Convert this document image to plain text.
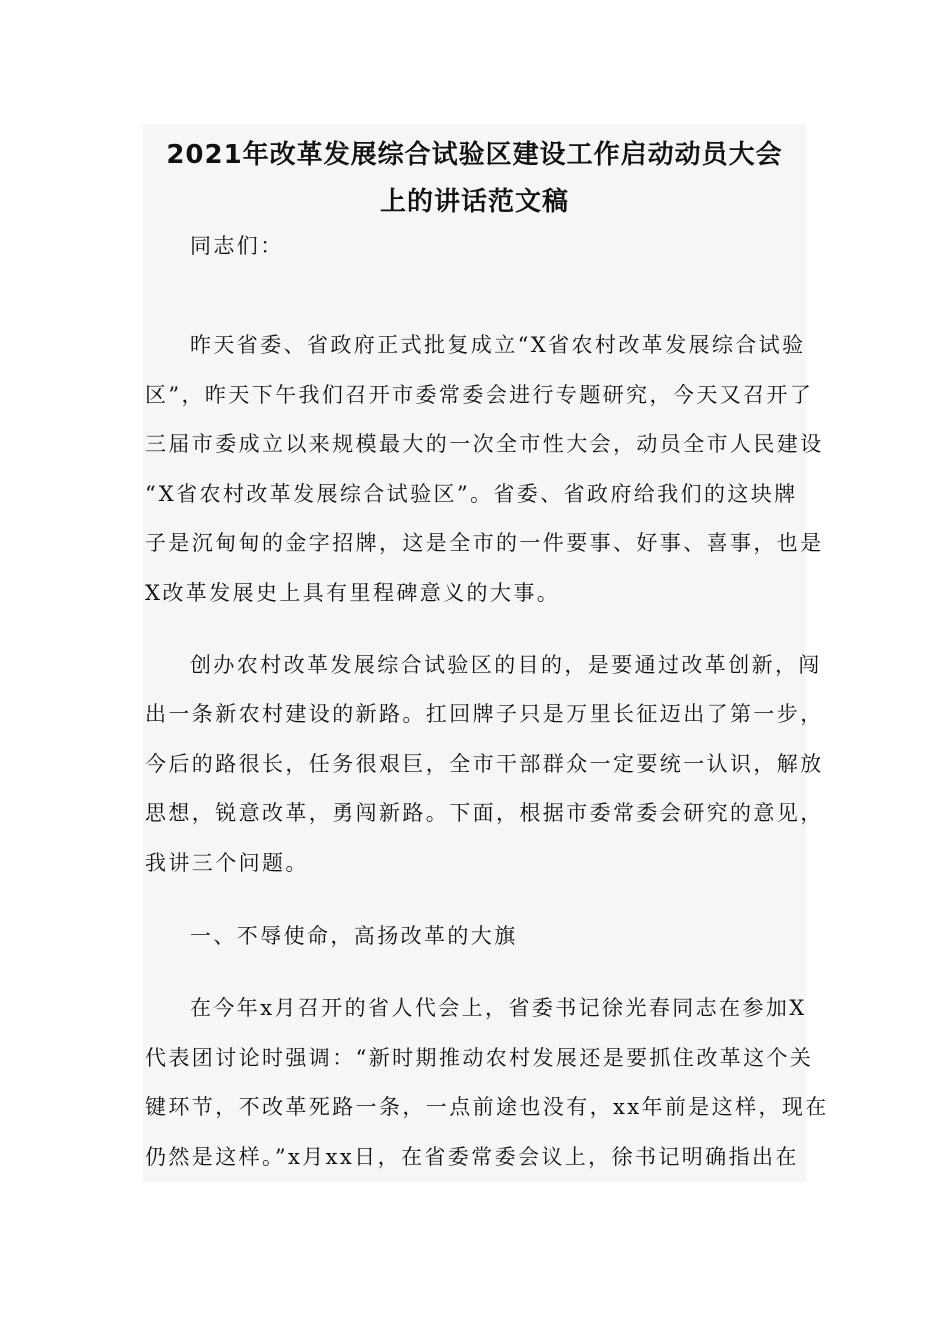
2021年改革发展综合试验区建设工作启动动员大会
上的讲话范文稿
同志们：
昨天省委、省政府正式批复成立“X省农村改革发展综合试验
区”，昨天下午我们召开市委常委会进行专题研究，今天又召开了
三届市委成立以来规模最大的一次全市性大会，动员全市人民建设
“X省农村改革发展综合试验区”。省委、省政府给我们的这块牌
子是沉甸甸的金字招牌，这是全市的一件要事、好事、喜事，也是
X改革发展史上具有里程碑意义的大事。
创办农村改革发展综合试验区的目的，是要通过改革创新，闯
出一条新农村建设的新路。扛回牌子只是万里长征迈出了第一步，
今后的路很长，任务很艰巨，全市干部群众一定要统一认识，解放
思想，锐意改革，勇闯新路。下面，根据市委常委会研究的意见，
我讲三个问题。
一、不辱使命，高扬改革的大旗
在今年x月召开的省人代会上，省委书记徐光春同志在参加X
代表团讨论时强调：“新时期推动农村发展还是要抓住改革这个关
键环节，不改革死路一条，一点前途也没有，xx年前是这样，现在
仍然是这样。”x月xx日，在省委常委会议上，徐书记明确指出在
